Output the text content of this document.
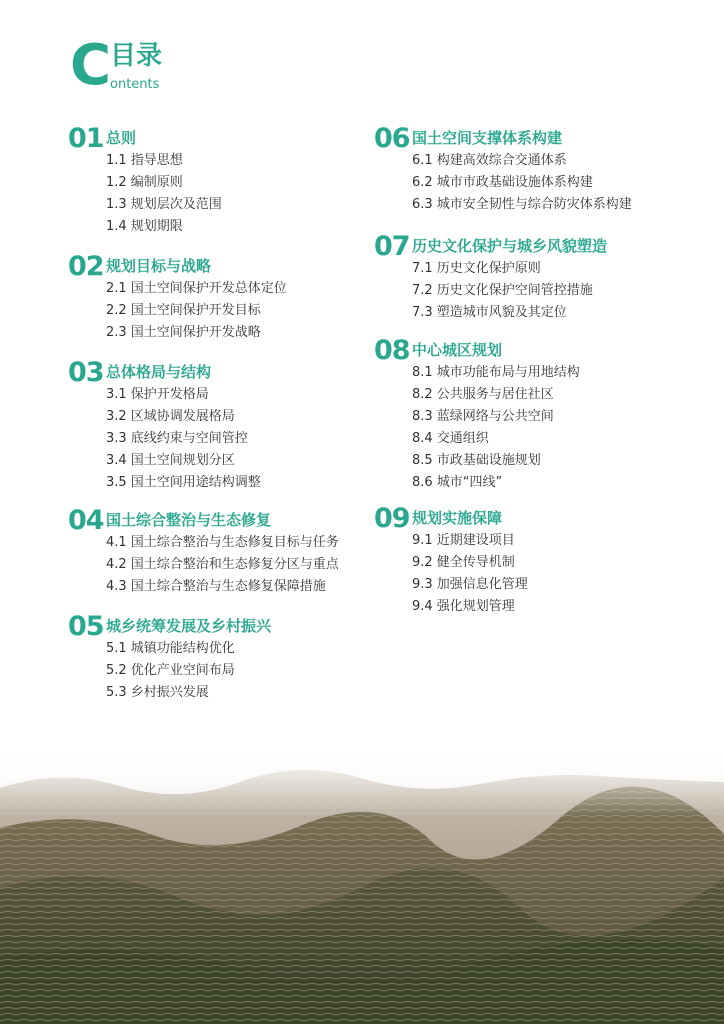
C 目录
ontents
01 总则
1.1 指导思想
1.2 编制原则
1.3 规划层次及范围
1.4 规划期限
02 规划目标与战略
2.1 国土空间保护开发总体定位
2.2 国土空间保护开发目标
2.3 国土空间保护开发战略
03 总体格局与结构
3.1 保护开发格局
3.2 区域协调发展格局
3.3 底线约束与空间管控
3.4 国土空间规划分区
3.5 国土空间用途结构调整
04 国土综合整治与生态修复
4.1 国土综合整治与生态修复目标与任务
4.2 国土综合整治和生态修复分区与重点
4.3 国土综合整治与生态修复保障措施
05 城乡统筹发展及乡村振兴
5.1 城镇功能结构优化
5.2 优化产业空间布局
5.3 乡村振兴发展
06 国土空间支撑体系构建
6.1 构建高效综合交通体系
6.2 城市市政基础设施体系构建
6.3 城市安全韧性与综合防灾体系构建
07 历史文化保护与城乡风貌塑造
7.1 历史文化保护原则
7.2 历史文化保护空间管控措施
7.3 塑造城市风貌及其定位
08 中心城区规划
8.1 城市功能布局与用地结构
8.2 公共服务与居住社区
8.3 蓝绿网络与公共空间
8.4 交通组织
8.5 市政基础设施规划
8.6 城市“四线”
09 规划实施保障
9.1 近期建设项目
9.2 健全传导机制
9.3 加强信息化管理
9.4 强化规划管理
